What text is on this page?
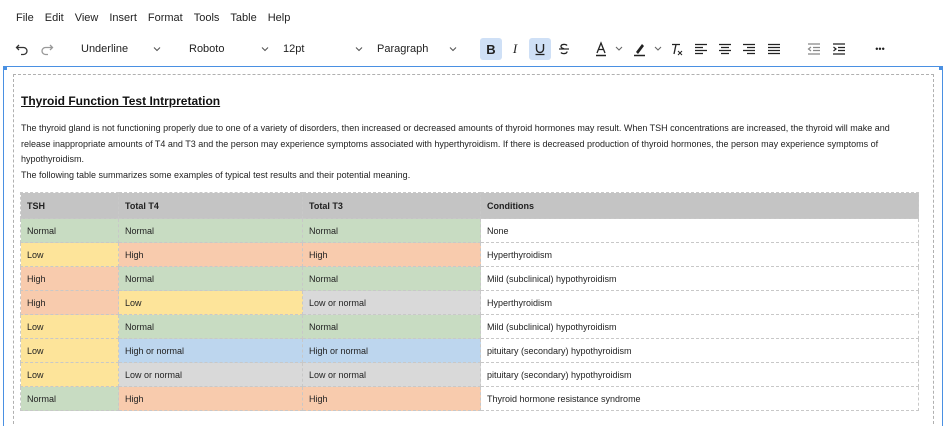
File Edit View Insert Format Tools Table Help
Underline	Roboto	12pt	Paragraph	B I	•••
Thyroid Function Test Intrpretation
The thyroid gland is not functioning properly due to one of a variety of disorders, then increased or decreased amounts of thyroid hormones may result. When TSH concentrations are increased, the thyroid will make and release inappropriate amounts of T4 and T3 and the person may experience symptoms associated with hyperthyroidism. If there is decreased production of thyroid hormones, the person may experience symptoms of hypothyroidism.
The following table summarizes some examples of typical test results and their potential meaning.
TSH	Total T4	Total T3	Conditions
Normal	Normal	Normal	None
Low	High	High	Hyperthyroidism
High	Normal	Normal	Mild (subclinical) hypothyroidism
High	Low	Low or normal	Hyperthyroidism
Low	Normal	Normal	Mild (subclinical) hypothyroidism
Low	High or normal	High or normal	pituitary (secondary) hypothyroidism
Low	Low or normal	Low or normal	pituitary (secondary) hypothyroidism
Normal	High	High	Thyroid hormone resistance syndrome
